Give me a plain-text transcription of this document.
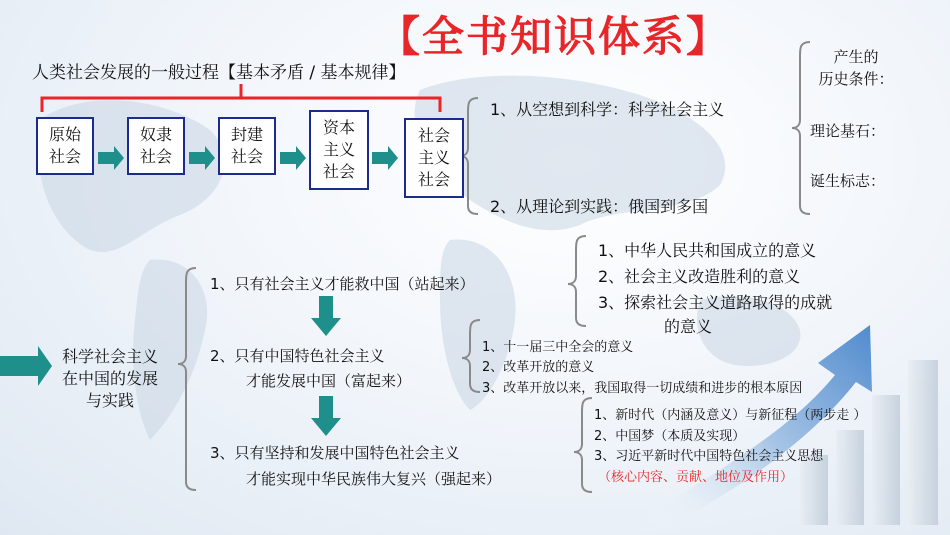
【全书知识体系】
人类社会发展的一般过程【基本矛盾 / 基本规律】
原始
社会
奴隶
社会
封建
社会
资本
主义
社会
社会
主义
社会
1、从空想到科学：科学社会主义
2、从理论到实践：俄国到多国
产生的
历史条件：
理论基石：
诞生标志：
科学社会主义
在中国的发展
与实践
1、只有社会主义才能救中国（站起来）
2、只有中国特色社会主义
才能发展中国（富起来）
3、只有坚持和发展中国特色社会主义
才能实现中华民族伟大复兴（强起来）
1、中华人民共和国成立的意义
2、社会主义改造胜利的意义
3、探索社会主义道路取得的成就
的意义
1、十一届三中全会的意义
2、改革开放的意义
3、改革开放以来，我国取得一切成绩和进步的根本原因
1、新时代（内涵及意义）与新征程（两步走 ）
2、中国梦（本质及实现）
3、习近平新时代中国特色社会主义思想
（核心内容、贡献、地位及作用）
